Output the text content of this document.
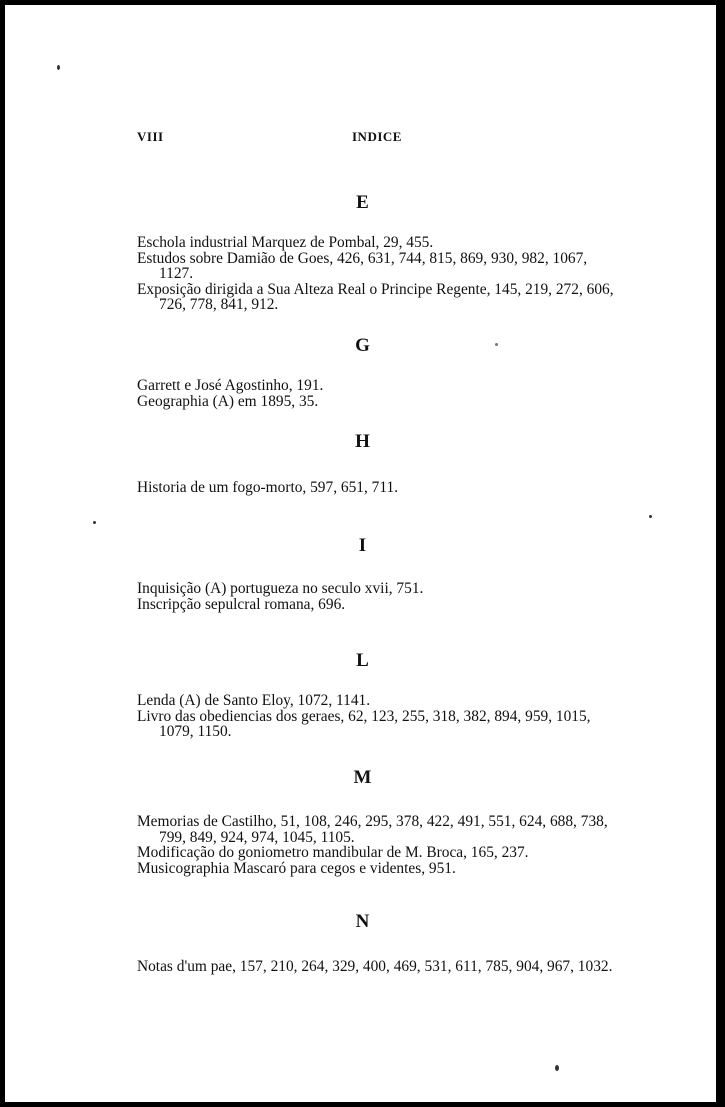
VIII	INDICE
E

Eschola industrial Marquez de Pombal, 29, 455.

Estudos sobre Damião de Goes, 426, 631, 744, 815, 869, 930, 982, 1067, 1127.

Exposição dirigida a Sua Alteza Real o Principe Regente, 145, 219, 272, 606, 726, 778, 841, 912.

G

Garrett e José Agostinho, 191.

Geographia (A) em 1895, 35.

H

Historia de um fogo-morto, 597, 651, 711.

I

Inquisição (A) portugueza no seculo xvii, 751.

Inscripção sepulcral romana, 696.

L

Lenda (A) de Santo Eloy, 1072, 1141.

Livro das obediencias dos geraes, 62, 123, 255, 318, 382, 894, 959, 1015, 1079, 1150.

M

Memorias de Castilho, 51, 108, 246, 295, 378, 422, 491, 551, 624, 688, 738, 799, 849, 924, 974, 1045, 1105.

Modificação do goniometro mandibular de M. Broca, 165, 237.

Musicographia Mascaró para cegos e videntes, 951.

N

Notas d'um pae, 157, 210, 264, 329, 400, 469, 531, 611, 785, 904, 967, 1032.
